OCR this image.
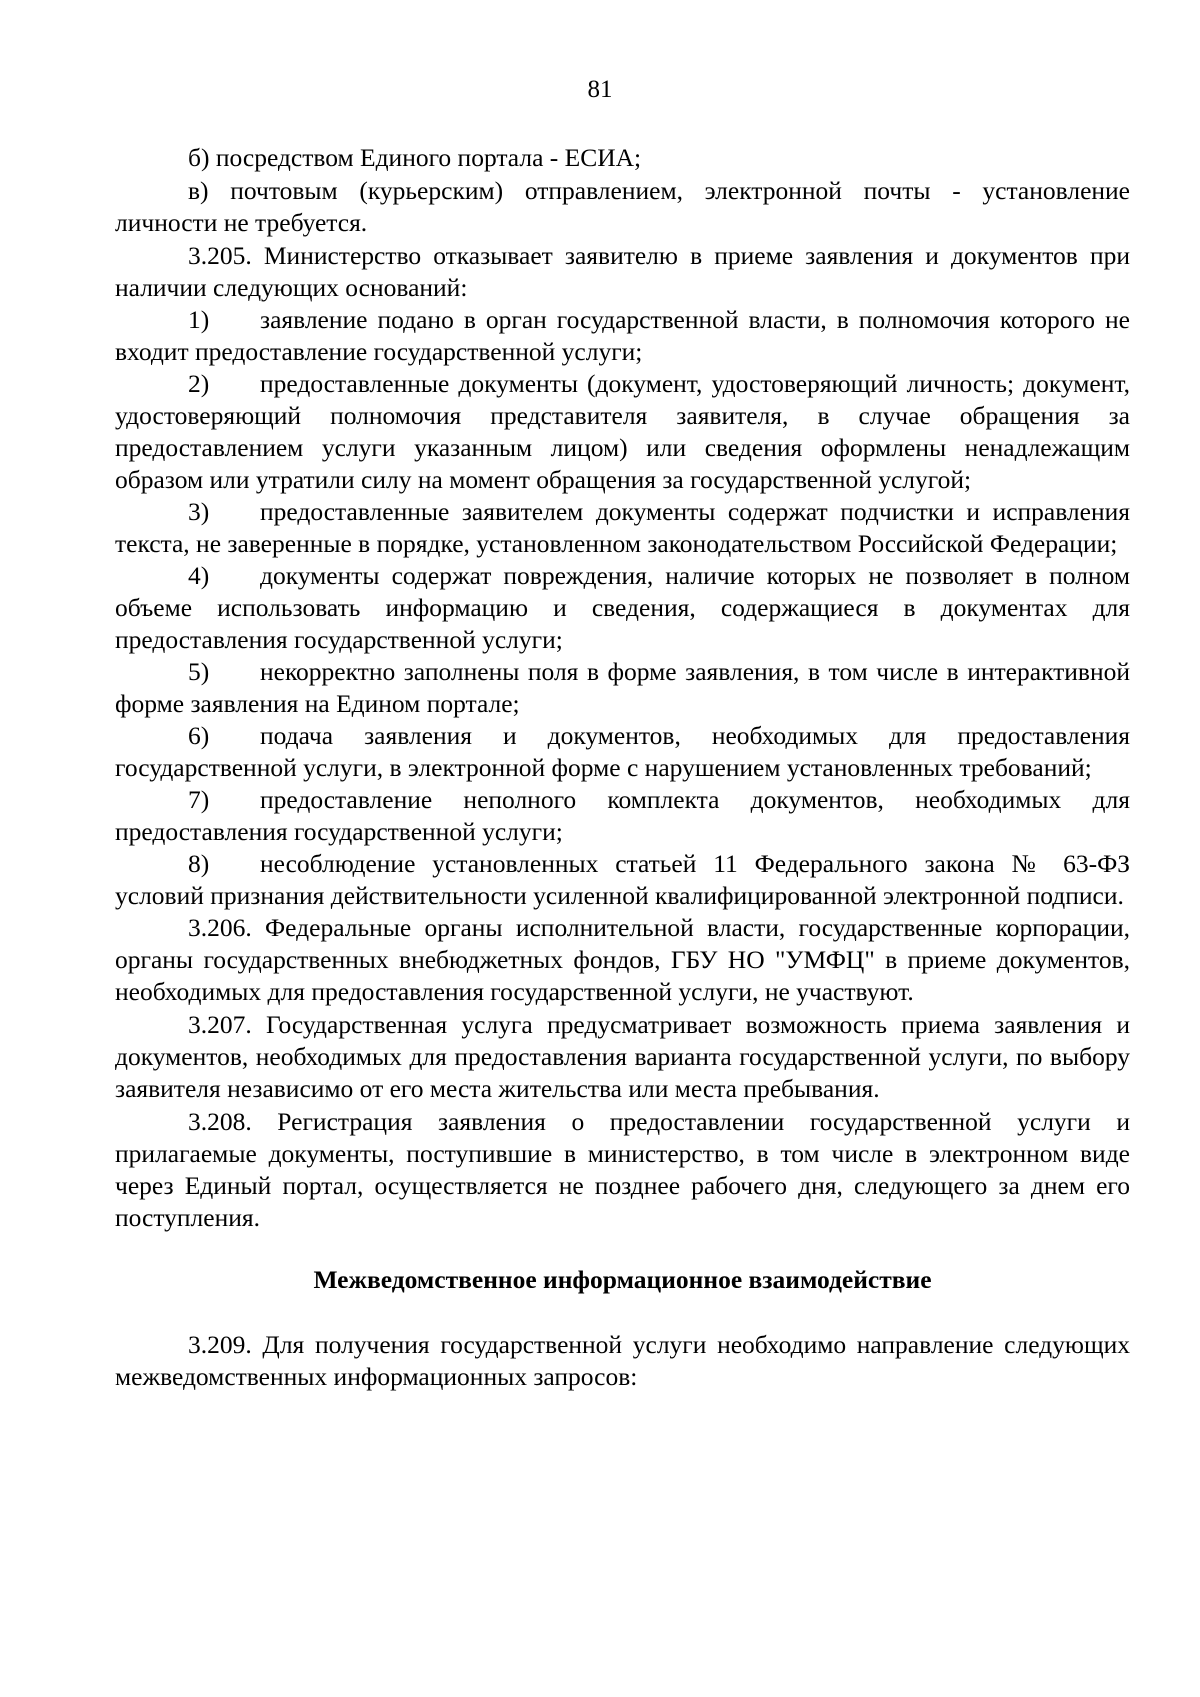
81

б) посредством Единого портала - ЕСИА;

в) почтовым (курьерским) отправлением, электронной почты - установление личности не требуется.

3.205. Министерство отказывает заявителю в приеме заявления и документов при наличии следующих оснований:

1) заявление подано в орган государственной власти, в полномочия которого не входит предоставление государственной услуги;

2) предоставленные документы (документ, удостоверяющий личность; документ, удостоверяющий полномочия представителя заявителя, в случае обращения за предоставлением услуги указанным лицом) или сведения оформлены ненадлежащим образом или утратили силу на момент обращения за государственной услугой;

3) предоставленные заявителем документы содержат подчистки и исправления текста, не заверенные в порядке, установленном законодательством Российской Федерации;

4) документы содержат повреждения, наличие которых не позволяет в полном объеме использовать информацию и сведения, содержащиеся в документах для предоставления государственной услуги;

5) некорректно заполнены поля в форме заявления, в том числе в интерактивной форме заявления на Едином портале;

6) подача заявления и документов, необходимых для предоставления государственной услуги, в электронной форме с нарушением установленных требований;

7) предоставление неполного комплекта документов, необходимых для предоставления государственной услуги;

8) несоблюдение установленных статьей 11 Федерального закона № 63-ФЗ условий признания действительности усиленной квалифицированной электронной подписи.

3.206. Федеральные органы исполнительной власти, государственные корпорации, органы государственных внебюджетных фондов, ГБУ НО "УМФЦ" в приеме документов, необходимых для предоставления государственной услуги, не участвуют.

3.207. Государственная услуга предусматривает возможность приема заявления и документов, необходимых для предоставления варианта государственной услуги, по выбору заявителя независимо от его места жительства или места пребывания.

3.208. Регистрация заявления о предоставлении государственной услуги и прилагаемые документы, поступившие в министерство, в том числе в электронном виде через Единый портал, осуществляется не позднее рабочего дня, следующего за днем его поступления.

Межведомственное информационное взаимодействие

3.209. Для получения государственной услуги необходимо направление следующих межведомственных информационных запросов:
